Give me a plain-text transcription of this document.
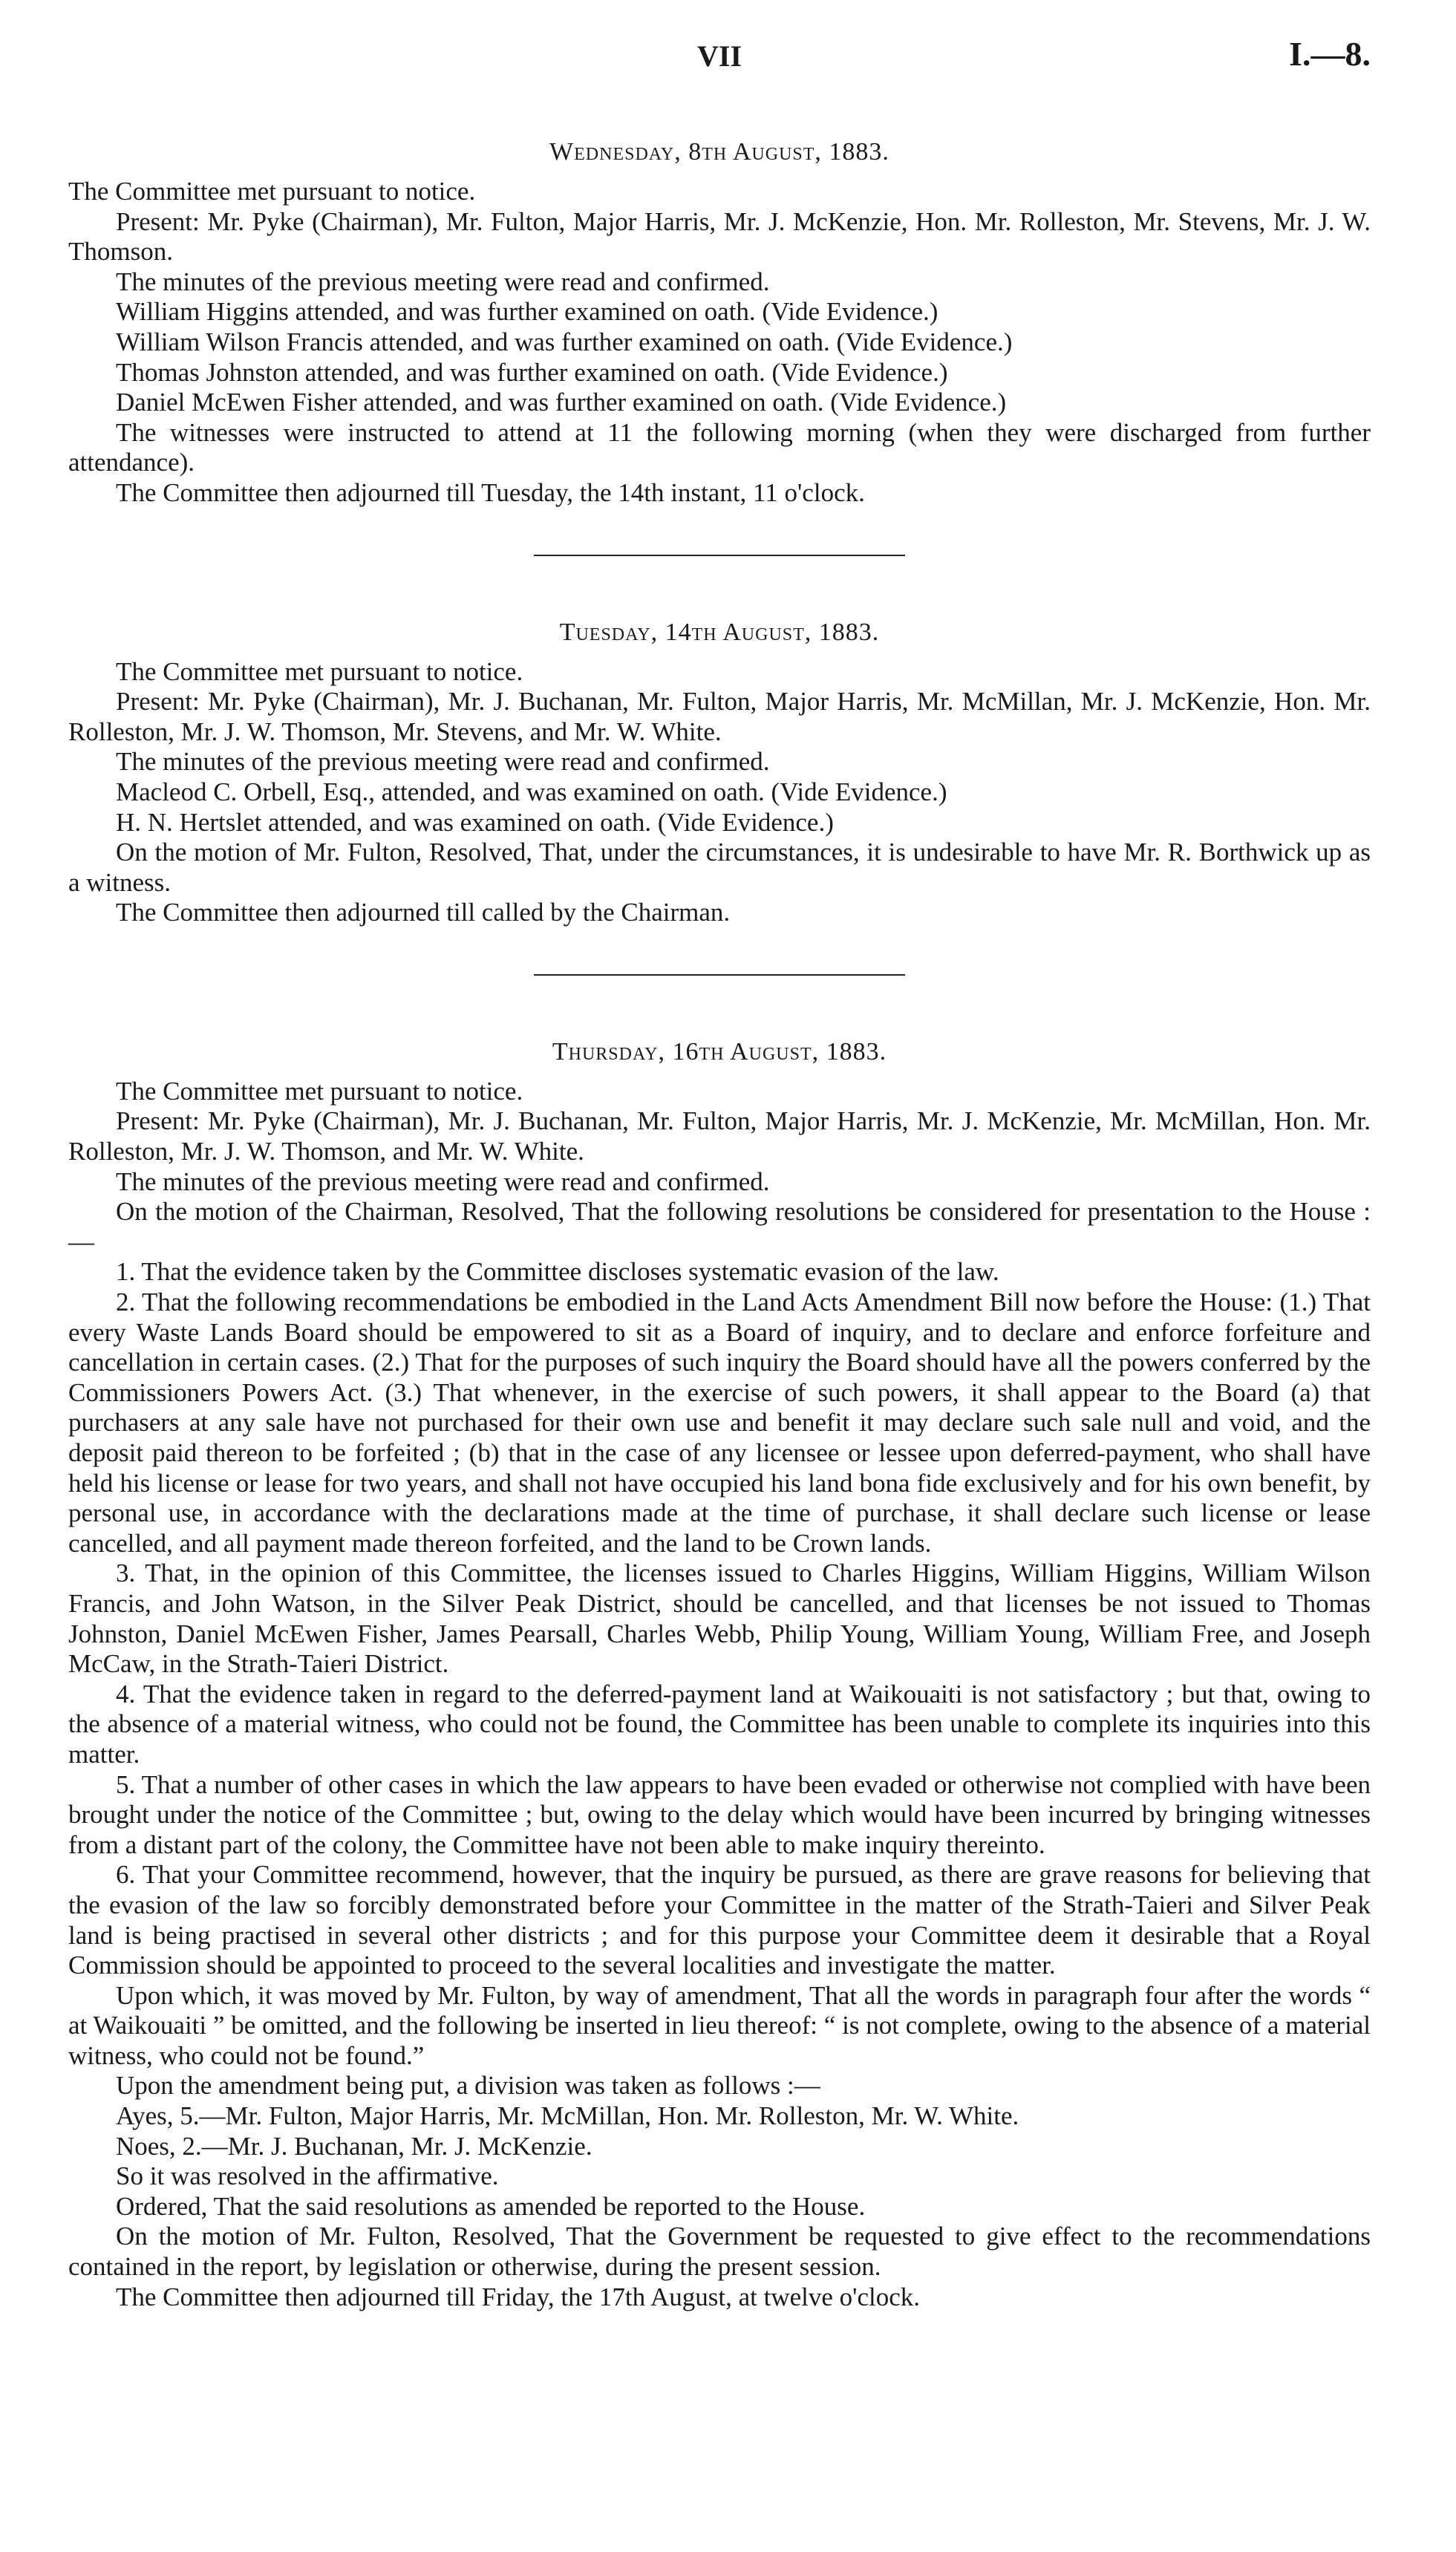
VII	I.—8.
Wednesday, 8th August, 1883.

The Committee met pursuant to notice.

Present: Mr. Pyke (Chairman), Mr. Fulton, Major Harris, Mr. J. McKenzie, Hon. Mr. Rolleston, Mr. Stevens, Mr. J. W. Thomson.

The minutes of the previous meeting were read and confirmed.

William Higgins attended, and was further examined on oath. (Vide Evidence.)

William Wilson Francis attended, and was further examined on oath. (Vide Evidence.)

Thomas Johnston attended, and was further examined on oath. (Vide Evidence.)

Daniel McEwen Fisher attended, and was further examined on oath. (Vide Evidence.)

The witnesses were instructed to attend at 11 the following morning (when they were discharged from further attendance).

The Committee then adjourned till Tuesday, the 14th instant, 11 o'clock.

Tuesday, 14th August, 1883.

The Committee met pursuant to notice.

Present: Mr. Pyke (Chairman), Mr. J. Buchanan, Mr. Fulton, Major Harris, Mr. McMillan, Mr. J. McKenzie, Hon. Mr. Rolleston, Mr. J. W. Thomson, Mr. Stevens, and Mr. W. White.

The minutes of the previous meeting were read and confirmed.

Macleod C. Orbell, Esq., attended, and was examined on oath. (Vide Evidence.)

H. N. Hertslet attended, and was examined on oath. (Vide Evidence.)

On the motion of Mr. Fulton, Resolved, That, under the circumstances, it is undesirable to have Mr. R. Borthwick up as a witness.

The Committee then adjourned till called by the Chairman.

Thursday, 16th August, 1883.

The Committee met pursuant to notice.

Present: Mr. Pyke (Chairman), Mr. J. Buchanan, Mr. Fulton, Major Harris, Mr. J. McKenzie, Mr. McMillan, Hon. Mr. Rolleston, Mr. J. W. Thomson, and Mr. W. White.

The minutes of the previous meeting were read and confirmed.

On the motion of the Chairman, Resolved, That the following resolutions be considered for presentation to the House :—

1. That the evidence taken by the Committee discloses systematic evasion of the law.

2. That the following recommendations be embodied in the Land Acts Amendment Bill now before the House: (1.) That every Waste Lands Board should be empowered to sit as a Board of inquiry, and to declare and enforce forfeiture and cancellation in certain cases. (2.) That for the purposes of such inquiry the Board should have all the powers conferred by the Commissioners Powers Act. (3.) That whenever, in the exercise of such powers, it shall appear to the Board (a) that purchasers at any sale have not purchased for their own use and benefit it may declare such sale null and void, and the deposit paid thereon to be forfeited ; (b) that in the case of any licensee or lessee upon deferred-payment, who shall have held his license or lease for two years, and shall not have occupied his land bona fide exclusively and for his own benefit, by personal use, in accordance with the declarations made at the time of purchase, it shall declare such license or lease cancelled, and all payment made thereon forfeited, and the land to be Crown lands.

3. That, in the opinion of this Committee, the licenses issued to Charles Higgins, William Higgins, William Wilson Francis, and John Watson, in the Silver Peak District, should be cancelled, and that licenses be not issued to Thomas Johnston, Daniel McEwen Fisher, James Pearsall, Charles Webb, Philip Young, William Young, William Free, and Joseph McCaw, in the Strath-Taieri District.

4. That the evidence taken in regard to the deferred-payment land at Waikouaiti is not satisfactory ; but that, owing to the absence of a material witness, who could not be found, the Committee has been unable to complete its inquiries into this matter.

5. That a number of other cases in which the law appears to have been evaded or otherwise not complied with have been brought under the notice of the Committee ; but, owing to the delay which would have been incurred by bringing witnesses from a distant part of the colony, the Committee have not been able to make inquiry thereinto.

6. That your Committee recommend, however, that the inquiry be pursued, as there are grave reasons for believing that the evasion of the law so forcibly demonstrated before your Committee in the matter of the Strath-Taieri and Silver Peak land is being practised in several other districts ; and for this purpose your Committee deem it desirable that a Royal Commission should be appointed to proceed to the several localities and investigate the matter.

Upon which, it was moved by Mr. Fulton, by way of amendment, That all the words in paragraph four after the words “ at Waikouaiti ” be omitted, and the following be inserted in lieu thereof: “ is not complete, owing to the absence of a material witness, who could not be found.”

Upon the amendment being put, a division was taken as follows :—

Ayes, 5.—Mr. Fulton, Major Harris, Mr. McMillan, Hon. Mr. Rolleston, Mr. W. White.

Noes, 2.—Mr. J. Buchanan, Mr. J. McKenzie.

So it was resolved in the affirmative.

Ordered, That the said resolutions as amended be reported to the House.

On the motion of Mr. Fulton, Resolved, That the Government be requested to give effect to the recommendations contained in the report, by legislation or otherwise, during the present session.

The Committee then adjourned till Friday, the 17th August, at twelve o'clock.
